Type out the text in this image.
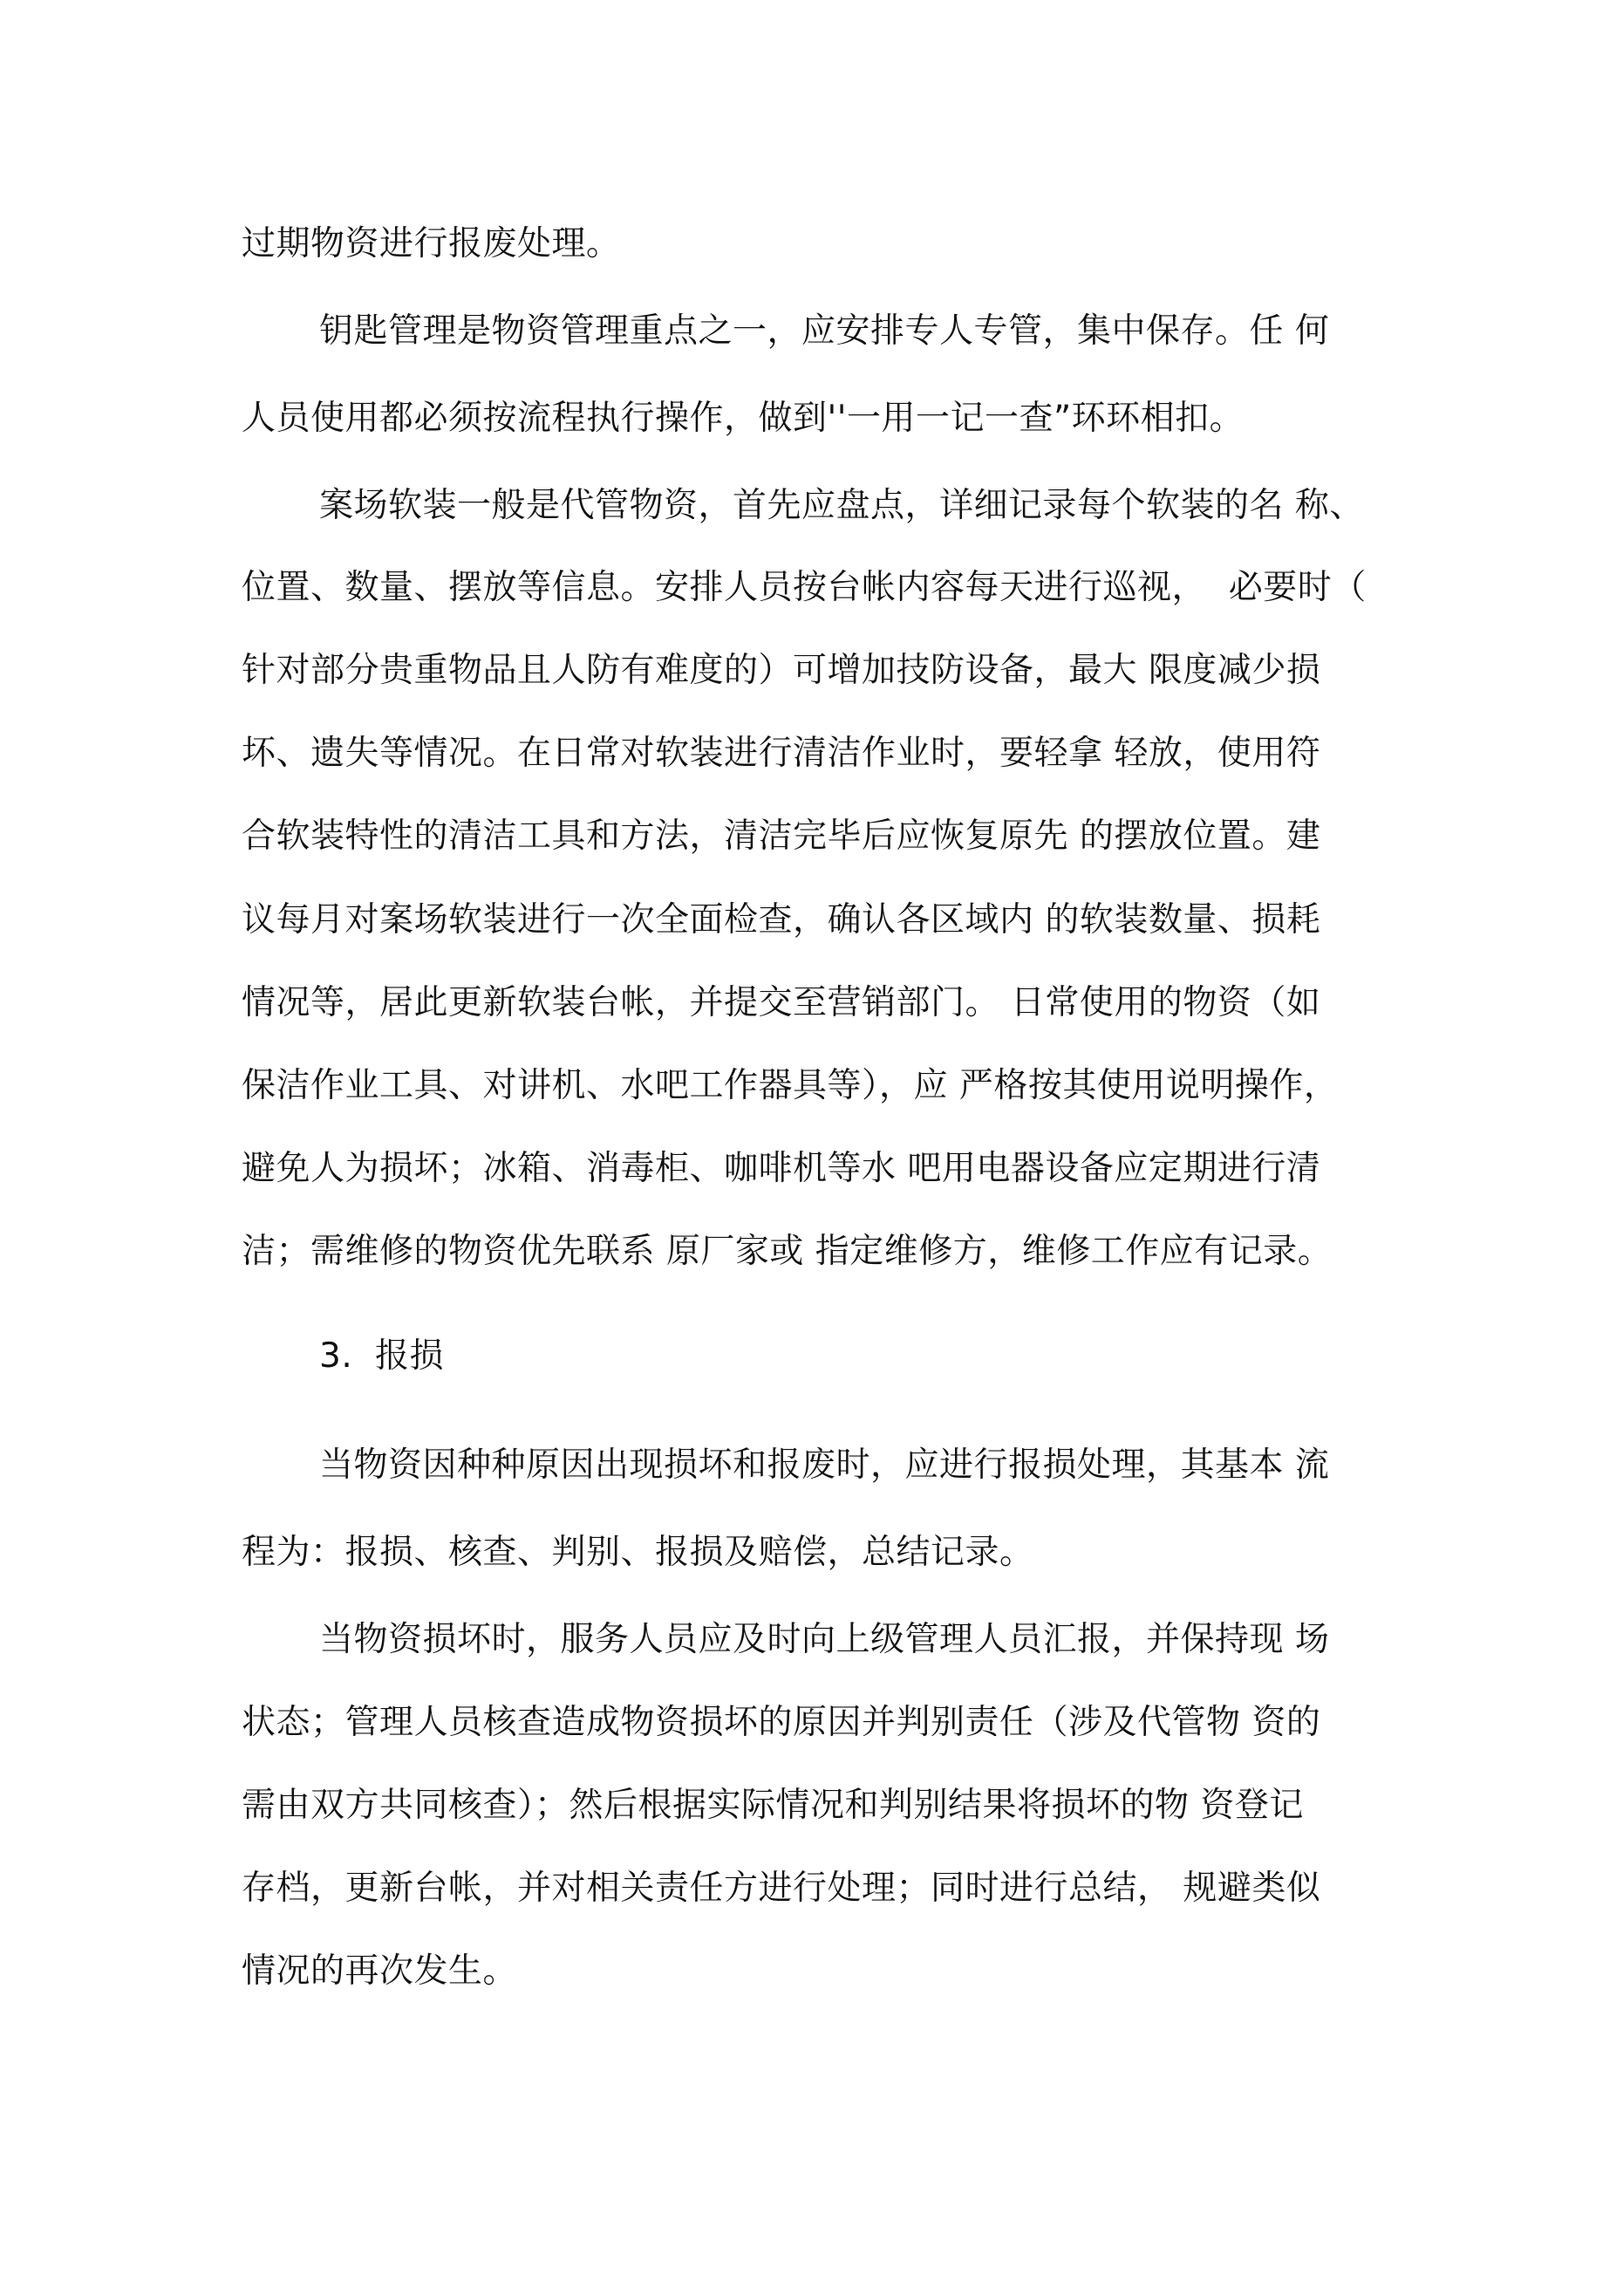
过期物资进行报废处理。
钥匙管理是物资管理重点之一，应安排专人专管，集中保存。任 何
人员使用都必须按流程执行操作，做到''一用一记一查”环环相扣。
案场软装一般是代管物资，首先应盘点，详细记录每个软装的名 称、
位置、数量、摆放等信息。安排人员按台帐内容每天进行巡视，  必要时（
针对部分贵重物品且人防有难度的）可增加技防设备，最大 限度减少损
坏、遗失等情况。在日常对软装进行清洁作业时，要轻拿 轻放，使用符
合软装特性的清洁工具和方法，清洁完毕后应恢复原先 的摆放位置。建
议每月对案场软装进行一次全面检查，确认各区域内 的软装数量、损耗
情况等，居此更新软装台帐，并提交至营销部门。 日常使用的物资（如
保洁作业工具、对讲机、水吧工作器具等），应 严格按其使用说明操作，
避免人为损坏；冰箱、消毒柜、咖啡机等水 吧用电器设备应定期进行清
洁；需维修的物资优先联系 原厂家或 指定维修方，维修工作应有记录。
3.  报损
当物资因种种原因出现损坏和报废时，应进行报损处理，其基本 流
程为：报损、核查、判别、报损及赔偿，总结记录。
当物资损坏时，服务人员应及时向上级管理人员汇报，并保持现 场
状态；管理人员核查造成物资损坏的原因并判别责任（涉及代管物 资的
需由双方共同核查）；然后根据实际情况和判别结果将损坏的物 资登记
存档，更新台帐，并对相关责任方进行处理；同时进行总结， 规避类似
情况的再次发生。
